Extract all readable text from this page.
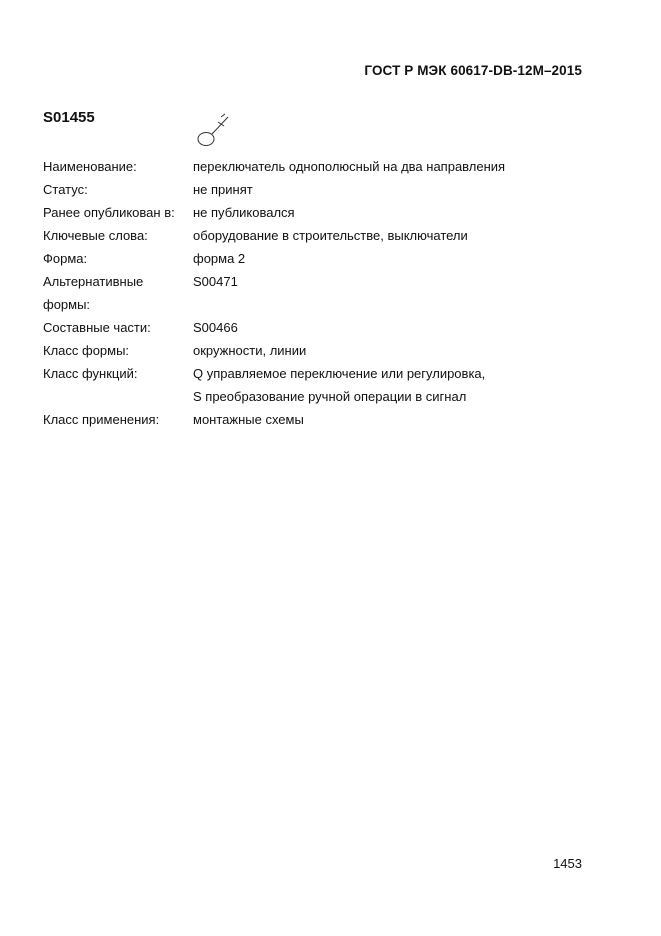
ГОСТ Р МЭК 60617-DB-12M–2015
S01455
Наименование:	переключатель однополюсный на два направления
Статус:	не принят
Ранее опубликован в:	не публиковался
Ключевые слова:	оборудование в строительстве, выключатели
Форма:	форма 2
Альтернативные	S00471
формы:
Составные части:	S00466
Класс формы:	окружности, линии
Класс функций:	Q управляемое переключение или регулировка,
S преобразование ручной операции в сигнал
Класс применения:	монтажные схемы
1453
